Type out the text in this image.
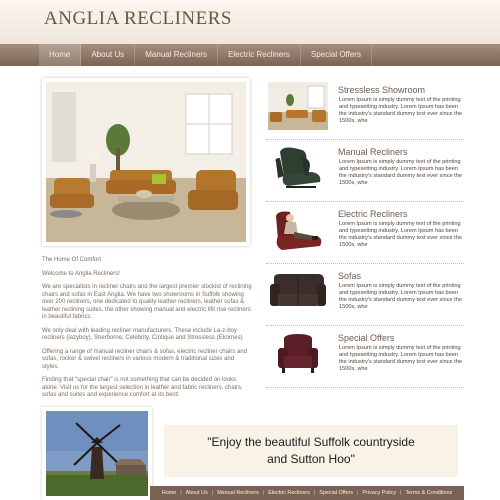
ANGLIA RECLINERS
Home	About Us	Manual Recliners	Electric Recliners	Special Offers

The Home Of Comfort

Welcome to Anglia Recliners!

We are specialists in recliner chairs and the largest premier stockist of reclining chairs and sofas in East Anglia. We have two showrooms in Suffolk showing over 200 recliners, one dedicated to quality leather recliners, leather sofas & leather reclining suites, the other showing manual and electric lifit rise recliners in beautiful fabrics.

We only deal with leading recliner manufacturers. These include La-z-boy recliners (lazyboy), Sherborne, Celebrity, Cintique and Stressless (Ekornes)

Offering a range of manual recliner chairs & sofas, electric recliner chairs and sofas, rocker & swivel recliners in various modern & traditional sizes and styles.

Finding that "special chair" is not something that can be decided on looks alone. Visit us for the largest selection in leather and fabric recliners, chairs, sofas and suites and experience comfort at its best!

Stressless Showroom
Lorem Ipsum is simply dummy text of the printing and typesetting industry. Lorem Ipsum has been the industry's standard dummy text ever since the 1500s, whe
Manual Recliners
Lorem Ipsum is simply dummy text of the printing and typesetting industry. Lorem Ipsum has been the industry's standard dummy text ever since the 1500s, whe
Electric Recliners
Lorem Ipsum is simply dummy text of the printing and typesetting industry. Lorem Ipsum has been the industry's standard dummy text ever since the 1500s, whe
Sofas
Lorem Ipsum is simply dummy text of the printing and typesetting industry. Lorem Ipsum has been the industry's standard dummy text ever since the 1500s, whe
Special Offers
Lorem Ipsum is simply dummy text of the printing and typesetting industry. Lorem Ipsum has been the industry's standard dummy text ever since the 1500s, whe
"Enjoy the beautiful Suffolk countryside
and Sutton Hoo"
Home | About Us | Manual Recliners | Electric Recliners | Special Offers | Privacy Policy | Terms & Conditions
